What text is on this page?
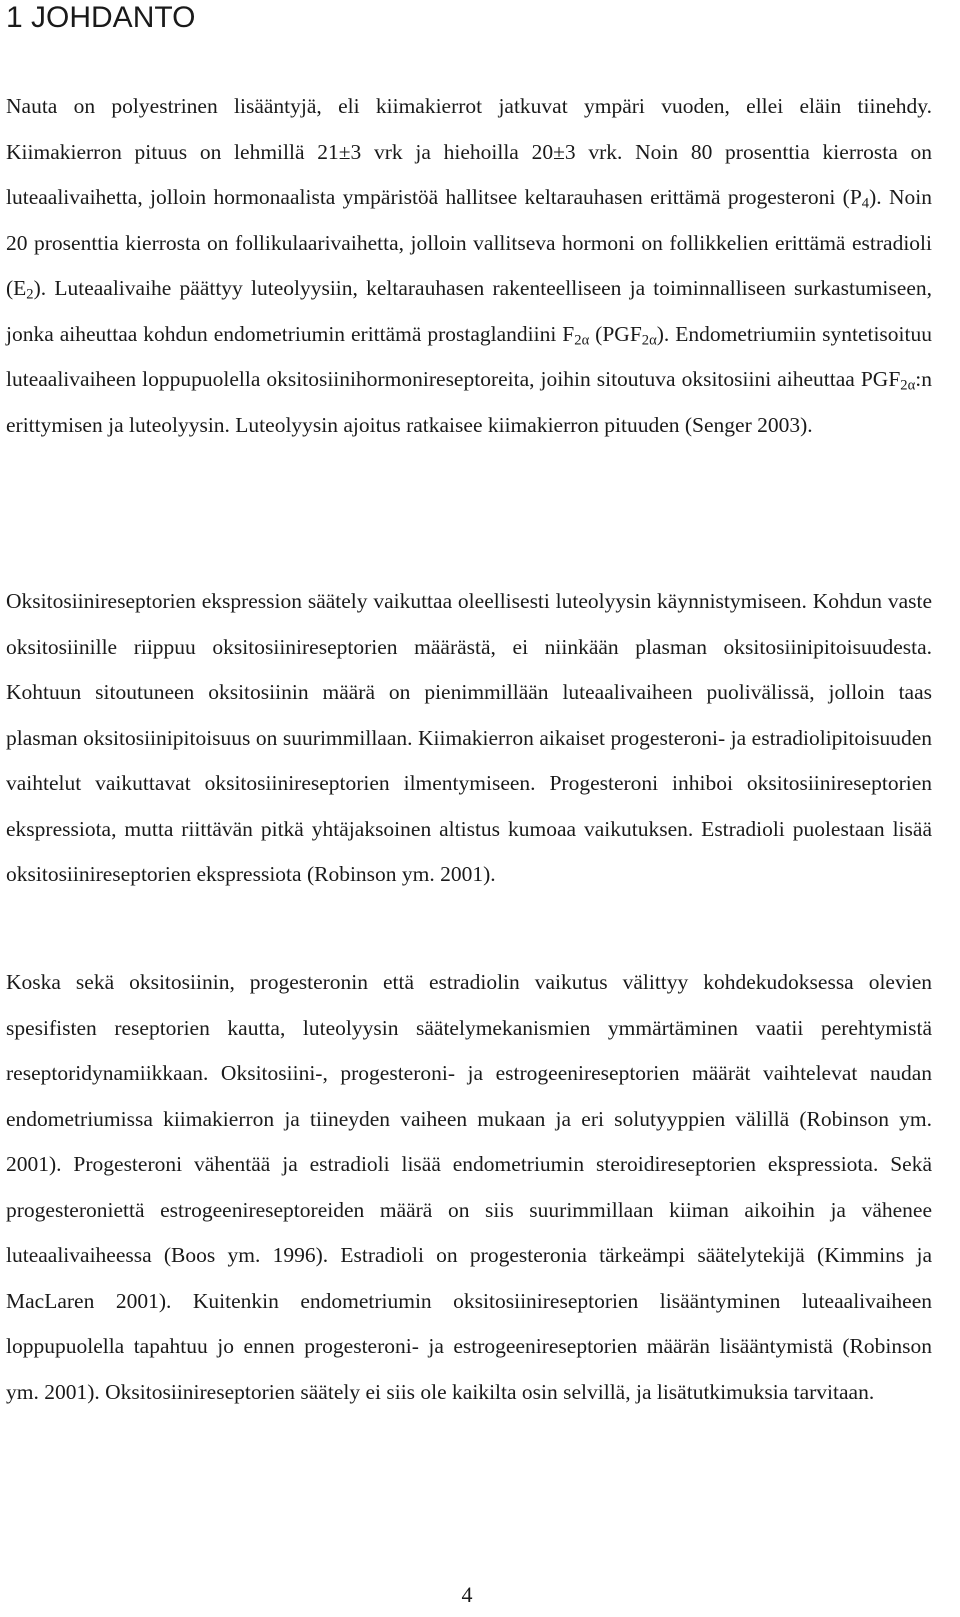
1 JOHDANTO

Nauta on polyestrinen lisääntyjä, eli kiimakierrot jatkuvat ympäri vuoden, ellei eläin tiinehdy. Kiimakierron pituus on lehmillä 21±3 vrk ja hiehoilla 20±3 vrk. Noin 80 prosenttia kierrosta on luteaalivaihetta, jolloin hormonaalista ympäristöä hallitsee keltarauhasen erittämä progesteroni $(P_4)$. Noin 20 prosenttia kierrosta on follikulaarivaihetta, jolloin vallitseva hormoni on follikkelien erittämä estradioli $(E_2)$. Luteaalivaihe päättyy luteolyysiin, keltarauhasen rakenteelliseen ja toiminnalliseen surkastumiseen, jonka aiheuttaa kohdun endometriumin erittämä prostaglandiini $F_{2\alpha}$ $(PGF_{2\alpha})$. Endometriumiin syntetisoituu luteaalivaiheen loppupuolella oksitosiinihormonireseptoreita, joihin sitoutuva oksitosiini aiheuttaa $PGF_{2\alpha}:n$ erittymisen ja luteolyysin. Luteolyysin ajoitus ratkaisee kiimakierron pituuden (Senger 2003).

Oksitosiinireseptorien ekspression säätely vaikuttaa oleellisesti luteolyysin käynnistymiseen. Kohdun vaste oksitosiinille riippuu oksitosiinireseptorien määrästä, ei niinkään plasman oksitosiinipitoisuudesta. Kohtuun sitoutuneen oksitosiinin määrä on pienimmillään luteaalivaiheen puolivälissä, jolloin taas plasman oksitosiinipitoisuus on suurimmillaan. Kiimakierron aikaiset progesteroni- ja estradiolipitoisuuden vaihtelut vaikuttavat oksitosiinireseptorien ilmentymiseen. Progesteroni inhiboi oksitosiinireseptorien ekspressiota, mutta riittävän pitkä yhtäjaksoinen altistus kumoaa vaikutuksen. Estradioli puolestaan lisää oksitosiinireseptorien ekspressiota (Robinson ym. 2001).

Koska sekä oksitosiinin, progesteronin että estradiolin vaikutus välittyy kohdekudoksessa olevien spesifisten reseptorien kautta, luteolyysin säätelymekanismien ymmärtäminen vaatii perehtymistä reseptoridynamiikkaan. Oksitosiini-, progesteroni- ja estrogeenireseptorien määrät vaihtelevat naudan endometriumissa kiimakierron ja tiineyden vaiheen mukaan ja eri solutyyppien välillä (Robinson ym. 2001). Progesteroni vähentää ja estradioli lisää endometriumin steroidireseptorien ekspressiota. Sekä progesteroniettä estrogeenireseptoreiden määrä on siis suurimmillaan kiiman aikoihin ja vähenee luteaalivaiheessa (Boos ym. 1996). Estradioli on progesteronia tärkeämpi säätelytekijä (Kimmins ja MacLaren 2001). Kuitenkin endometriumin oksitosiinireseptorien lisääntyminen luteaalivaiheen loppupuolella tapahtuu jo ennen progesteroni- ja estrogeenireseptorien määrän lisääntymistä (Robinson ym. 2001). Oksitosiinireseptorien säätely ei siis ole kaikilta osin selvillä, ja lisätutkimuksia tarvitaan.

4
